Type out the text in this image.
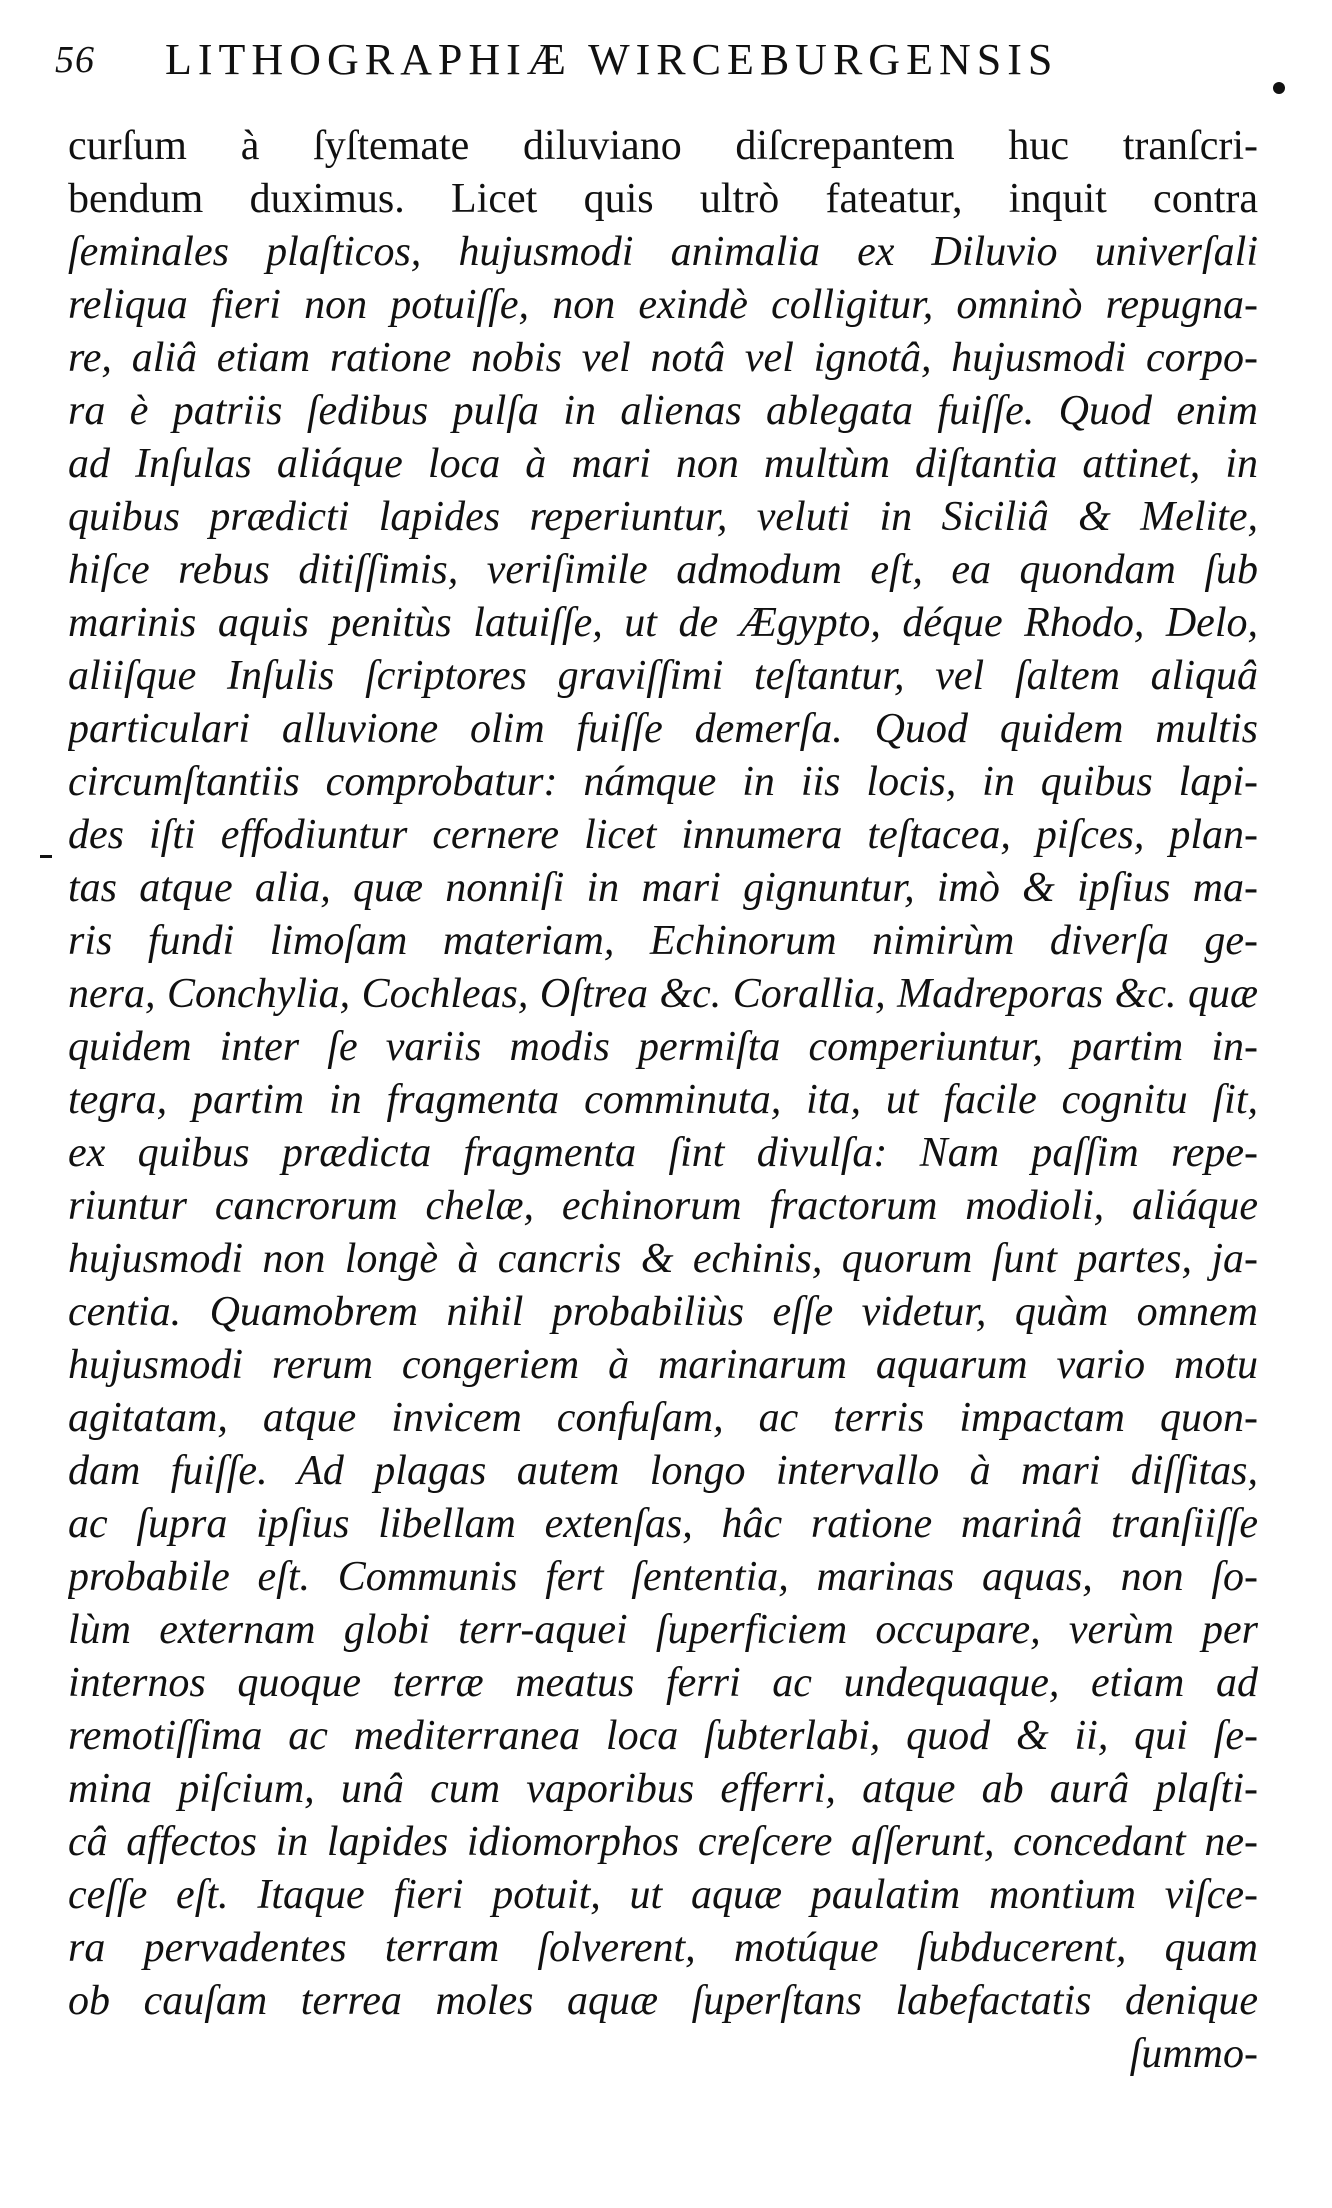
56 LITHOGRAPHIÆ WIRCEBURGENSIS
curſum à ſyſtemate diluviano diſcrepantem huc tranſcri-
bendum duximus. Licet quis ultrò fateatur, inquit contra
ſeminales plaſticos, hujusmodi animalia ex Diluvio univerſali
reliqua fieri non potuiſſe, non exindè colligitur, omninò repugna-
re, aliâ etiam ratione nobis vel notâ vel ignotâ, hujusmodi corpo-
ra è patriis ſedibus pulſa in alienas ablegata fuiſſe. Quod enim
ad Inſulas aliáque loca à mari non multùm diſtantia attinet, in
quibus prædicti lapides reperiuntur, veluti in Siciliâ & Melite,
hiſce rebus ditiſſimis, veriſimile admodum eſt, ea quondam ſub
marinis aquis penitùs latuiſſe, ut de Ægypto, déque Rhodo, Delo,
aliiſque Inſulis ſcriptores graviſſimi teſtantur, vel ſaltem aliquâ
particulari alluvione olim fuiſſe demerſa. Quod quidem multis
circumſtantiis comprobatur: námque in iis locis, in quibus lapi-
des iſti effodiuntur cernere licet innumera teſtacea, piſces, plan-
tas atque alia, quæ nonniſi in mari gignuntur, imò & ipſius ma-
ris fundi limoſam materiam, Echinorum nimirùm diverſa ge-
nera, Conchylia, Cochleas, Oſtrea &c. Corallia, Madreporas &c. quæ
quidem inter ſe variis modis permiſta comperiuntur, partim in-
tegra, partim in fragmenta comminuta, ita, ut facile cognitu ſit,
ex quibus prædicta fragmenta ſint divulſa: Nam paſſim repe-
riuntur cancrorum chelæ, echinorum fractorum modioli, aliáque
hujusmodi non longè à cancris & echinis, quorum ſunt partes, ja-
centia. Quamobrem nihil probabiliùs eſſe videtur, quàm omnem
hujusmodi rerum congeriem à marinarum aquarum vario motu
agitatam, atque invicem confuſam, ac terris impactam quon-
dam fuiſſe. Ad plagas autem longo intervallo à mari diſſitas,
ac ſupra ipſius libellam extenſas, hâc ratione marinâ tranſiiſſe
probabile eſt. Communis fert ſententia, marinas aquas, non ſo-
lùm externam globi terr-aquei ſuperficiem occupare, verùm per
internos quoque terræ meatus ferri ac undequaque, etiam ad
remotiſſima ac mediterranea loca ſubterlabi, quod & ii, qui ſe-
mina piſcium, unâ cum vaporibus efferri, atque ab aurâ plaſti-
câ affectos in lapides idiomorphos creſcere aſſerunt, concedant ne-
ceſſe eſt. Itaque fieri potuit, ut aquæ paulatim montium viſce-
ra pervadentes terram ſolverent, motúque ſubducerent, quam
ob cauſam terrea moles aquæ ſuperſtans labefactatis denique
ſummo-
